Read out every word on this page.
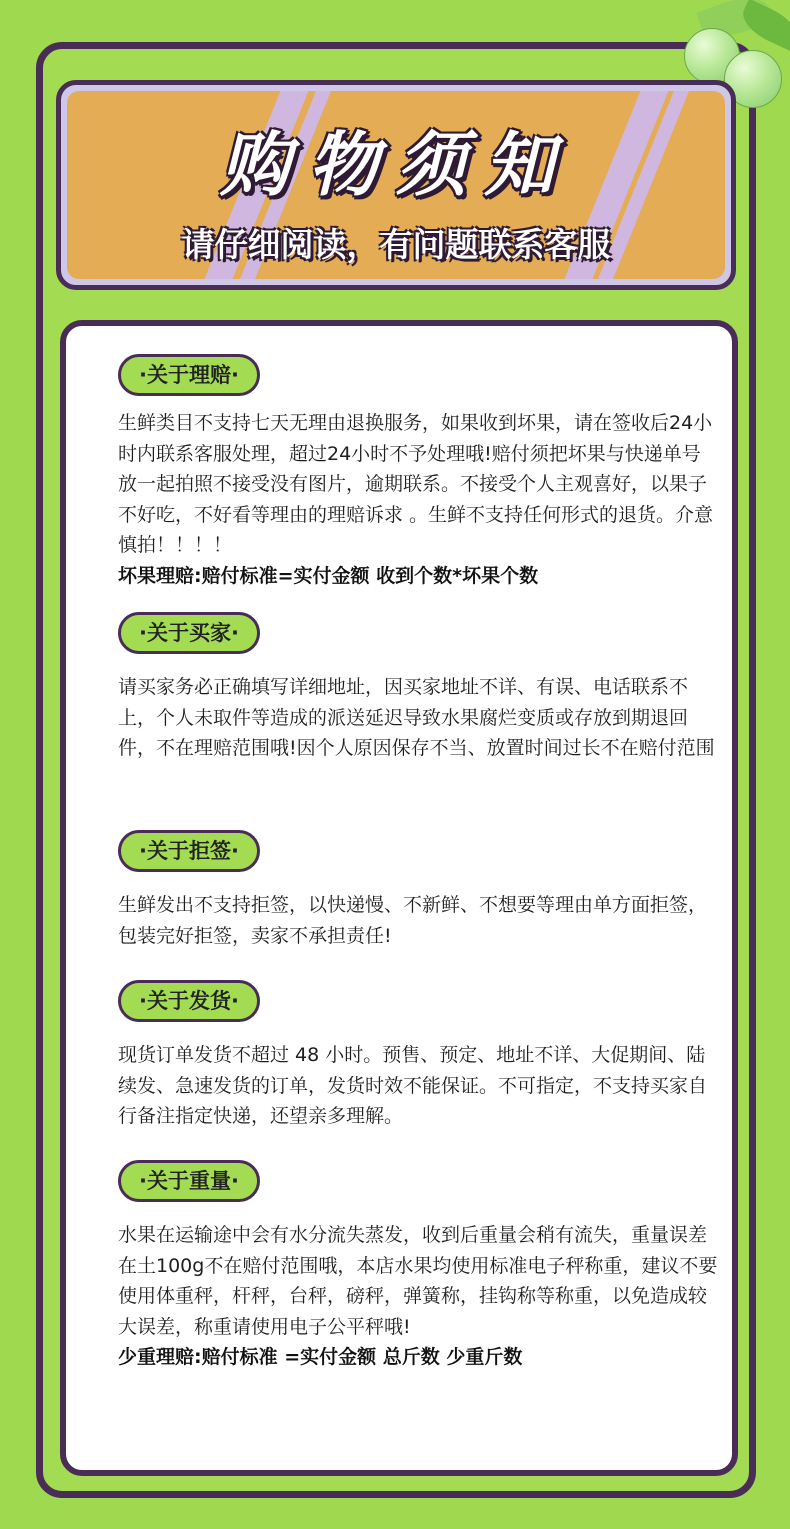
购物须知
请仔细阅读，有问题联系客服
·关于理赔·
生鲜类目不支持七天无理由退换服务，如果收到坏果，请在签收后24小时内联系客服处理，超过24小时不予处理哦!赔付须把坏果与快递单号放一起拍照不接受没有图片，逾期联系。不接受个人主观喜好，以果子不好吃，不好看等理由的理赔诉求 。生鲜不支持任何形式的退货。介意慎拍！！！！
坏果理赔:赔付标准=实付金额 收到个数*坏果个数
·关于买家·
请买家务必正确填写详细地址，因买家地址不详、有误、电话联系不上，个人未取件等造成的派送延迟导致水果腐烂变质或存放到期退回件，不在理赔范围哦!因个人原因保存不当、放置时间过长不在赔付范围
·关于拒签·
生鲜发出不支持拒签，以快递慢、不新鲜、不想要等理由单方面拒签，包装完好拒签，卖家不承担责任!
·关于发货·
现货订单发货不超过 48 小时。预售、预定、地址不详、大促期间、陆续发、急速发货的订单，发货时效不能保证。不可指定，不支持买家自行备注指定快递，还望亲多理解。
·关于重量·
水果在运输途中会有水分流失蒸发，收到后重量会稍有流失，重量误差在土100g不在赔付范围哦，本店水果均使用标准电子秤称重，建议不要使用体重秤，杆秤，台秤，磅秤，弹簧称，挂钩称等称重，以免造成较大误差，称重请使用电子公平秤哦!
少重理赔:赔付标准 =实付金额 总斤数 少重斤数
